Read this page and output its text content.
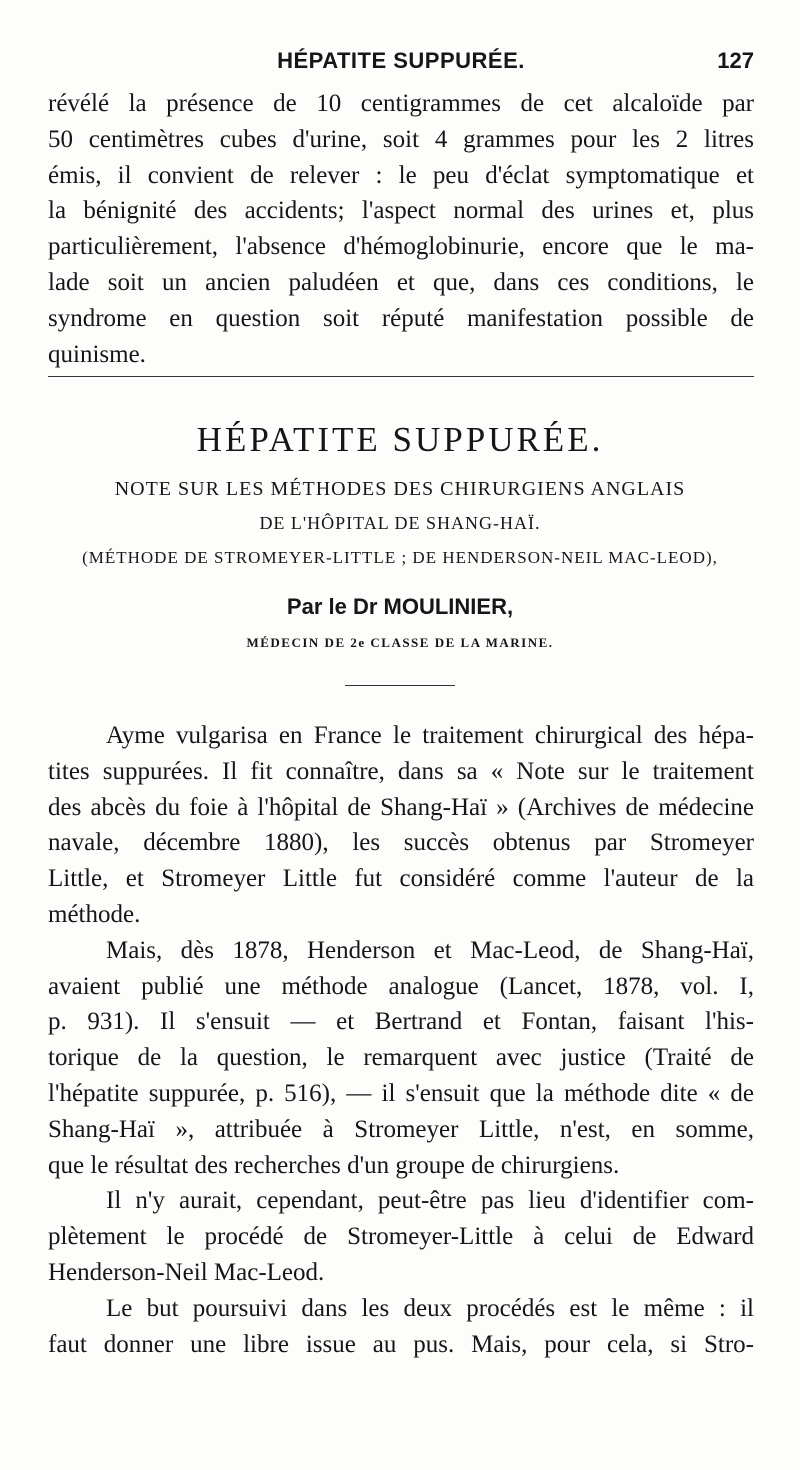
HÉPATITE SUPPURÉE.	127
révélé la présence de 10 centigrammes de cet alcaloïde par
50 centimètres cubes d'urine, soit 4 grammes pour les 2 litres
émis, il convient de relever : le peu d'éclat symptomatique et
la bénignité des accidents; l'aspect normal des urines et, plus
particulièrement, l'absence d'hémoglobinurie, encore que le ma-
lade soit un ancien paludéen et que, dans ces conditions, le
syndrome en question soit réputé manifestation possible de
quinisme.
HÉPATITE SUPPURÉE.
NOTE SUR LES MÉTHODES DES CHIRURGIENS ANGLAIS
DE L'HÔPITAL DE SHANG-HAÏ.
(MÉTHODE DE STROMEYER-LITTLE ; DE HENDERSON-NEIL MAC-LEOD),
Par le Dr MOULINIER,
MÉDECIN DE 2e CLASSE DE LA MARINE.
Ayme vulgarisa en France le traitement chirurgical des hépa-
tites suppurées. Il fit connaître, dans sa « Note sur le traitement
des abcès du foie à l'hôpital de Shang-Haï » (Archives de médecine
navale, décembre 1880), les succès obtenus par Stromeyer
Little, et Stromeyer Little fut considéré comme l'auteur de la
méthode.
Mais, dès 1878, Henderson et Mac-Leod, de Shang-Haï,
avaient publié une méthode analogue (Lancet, 1878, vol. I,
p. 931). Il s'ensuit — et Bertrand et Fontan, faisant l'his-
torique de la question, le remarquent avec justice (Traité de
l'hépatite suppurée, p. 516), — il s'ensuit que la méthode dite « de
Shang-Haï », attribuée à Stromeyer Little, n'est, en somme,
que le résultat des recherches d'un groupe de chirurgiens.
Il n'y aurait, cependant, peut-être pas lieu d'identifier com-
plètement le procédé de Stromeyer-Little à celui de Edward
Henderson-Neil Mac-Leod.
Le but poursuivi dans les deux procédés est le même : il
faut donner une libre issue au pus. Mais, pour cela, si Stro-
